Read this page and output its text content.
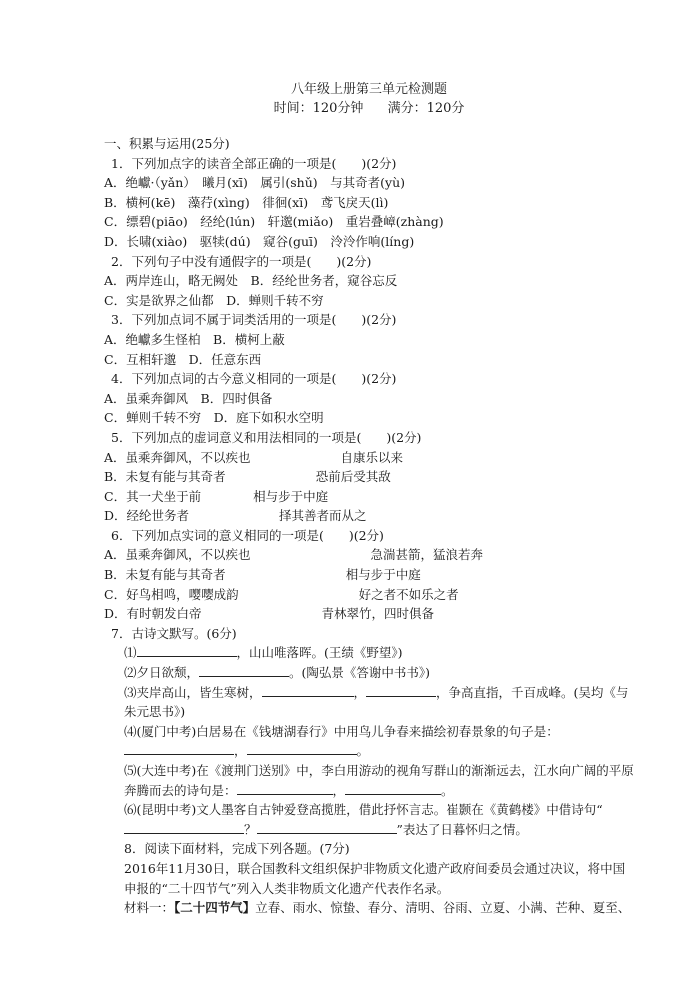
八年级上册第三单元检测题
时间：120分钟 满分：120分
一、积累与运用(25分)
1．下列加点字的读音全部正确的一项是(　　)(2分)
A．绝巘·（yǎn）　曦月(xī)　属引(shǔ)　与其奇者(yù)
B．横柯(kē)　藻荇(xìng)　徘徊(xī)　鸢飞戾天(lì)
C．缥碧(piāo)　经纶(lún)　轩邈(miǎo)　重岩叠嶂(zhàng)
D．长啸(xiào)　驱犊(dú)　窥谷(guī)　泠泠作响(líng)
2．下列句子中没有通假字的一项是(　　)(2分)
A．两岸连山，略无阙处　B．经纶世务者，窥谷忘反
C．实是欲界之仙都　D．蝉则千转不穷
3．下列加点词不属于词类活用的一项是(　　)(2分)
A．绝巘多生怪柏　B．横柯上蔽
C．互相轩邈　D．任意东西
4．下列加点词的古今意义相同的一项是(　　)(2分)
A．虽乘奔御风　B．四时俱备
C．蝉则千转不穷　D．庭下如积水空明
5．下列加点的虚词意义和用法相同的一项是(　　)(2分)
A．虽乘奔御风，不以疾也	自康乐以来
B．未复有能与其奇者	恐前后受其敌
C．其一犬坐于前	相与步于中庭
D．经纶世务者	择其善者而从之
6．下列加点实词的意义相同的一项是(　　)(2分)
A．虽乘奔御风，不以疾也	急湍甚箭，猛浪若奔
B．未复有能与其奇者	相与步于中庭
C．好鸟相鸣，嘤嘤成韵	好之者不如乐之者
D．有时朝发白帝	青林翠竹，四时俱备
7．古诗文默写。(6分)
⑴	，山山唯落晖。(王绩《野望》)
⑵夕日欲颓，	。(陶弘景《答谢中书书》)
⑶夹岸高山，皆生寒树，	，	，争高直指，千百成峰。(吴均《与朱元思书》)
⑷(厦门中考)白居易在《钱塘湖春行》中用鸟儿争春来描绘初春景象的句子是：，	。
⑸(大连中考)在《渡荆门送别》中，李白用游动的视角写群山的渐渐远去，江水向广阔的平原奔腾而去的诗句是：	，	。
⑹(昆明中考)文人墨客自古钟爱登高揽胜，借此抒怀言志。崔颢在《黄鹤楼》中借诗句“？	”表达了日暮怀归之情。
8．阅读下面材料，完成下列各题。(7分)
2016年11月30日，联合国教科文组织保护非物质文化遗产政府间委员会通过决议，将中国申报的“二十四节气”列入人类非物质文化遗产代表作名录。
材料一：【二十四节气】立春、雨水、惊蛰、春分、清明、谷雨、立夏、小满、芒种、夏至、
